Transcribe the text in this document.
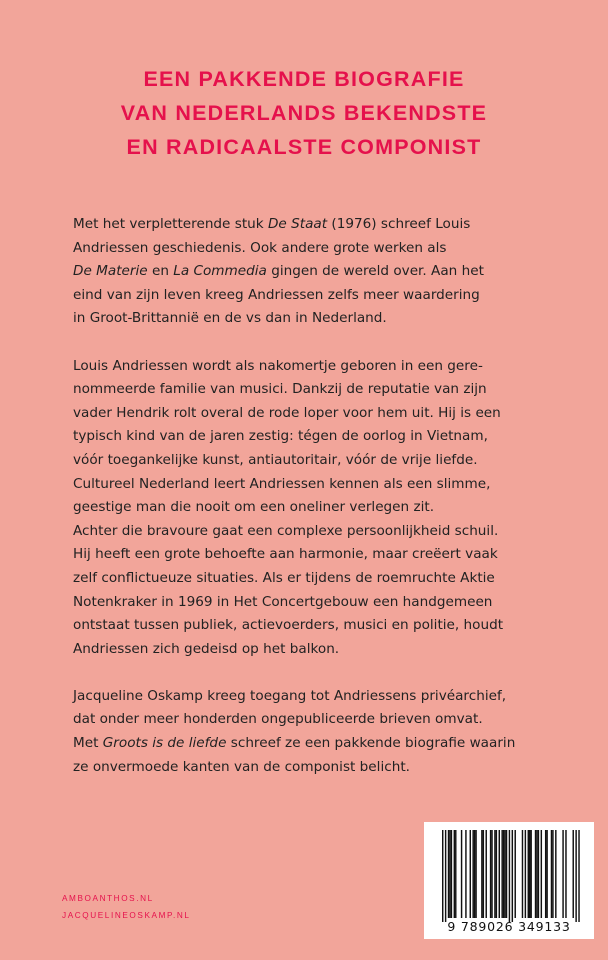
EEN PAKKENDE BIOGRAFIE
VAN NEDERLANDS BEKENDSTE
EN RADICAALSTE COMPONIST

Met het verpletterende stuk De Staat (1976) schreef Louis
Andriessen geschiedenis. Ook andere grote werken als
De Materie en La Commedia gingen de wereld over. Aan het
eind van zijn leven kreeg Andriessen zelfs meer waardering
in Groot-Brittannië en de vs dan in Nederland.

Louis Andriessen wordt als nakomertje geboren in een gere-
nommeerde familie van musici. Dankzij de reputatie van zijn
vader Hendrik rolt overal de rode loper voor hem uit. Hij is een
typisch kind van de jaren zestig: tégen de oorlog in Vietnam,
vóór toegankelijke kunst, antiautoritair, vóór de vrije liefde.
Cultureel Nederland leert Andriessen kennen als een slimme,
geestige man die nooit om een oneliner verlegen zit.
Achter die bravoure gaat een complexe persoonlijkheid schuil.
Hij heeft een grote behoefte aan harmonie, maar creëert vaak
zelf conflictueuze situaties. Als er tijdens de roemruchte Aktie
Notenkraker in 1969 in Het Concertgebouw een handgemeen
ontstaat tussen publiek, actievoerders, musici en politie, houdt
Andriessen zich gedeisd op het balkon.

Jacqueline Oskamp kreeg toegang tot Andriessens privéarchief,
dat onder meer honderden ongepubliceerde brieven omvat.
Met Groots is de liefde schreef ze een pakkende biografie waarin
ze onvermoede kanten van de componist belicht.

AMBOANTHOS.NL
JACQUELINEOSKAMP.NL
9 789026 349133
